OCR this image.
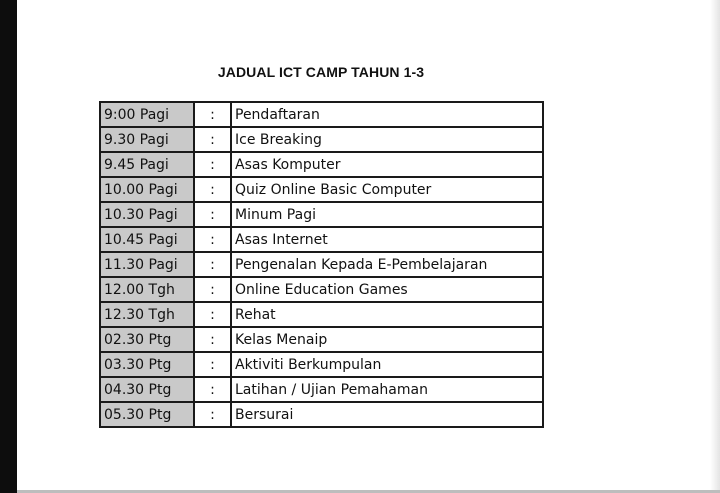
JADUAL ICT CAMP TAHUN 1-3
9:00 Pagi	:	Pendaftaran
9.30 Pagi	:	Ice Breaking
9.45 Pagi	:	Asas Komputer
10.00 Pagi	:	Quiz Online Basic Computer
10.30 Pagi	:	Minum Pagi
10.45 Pagi	:	Asas Internet
11.30 Pagi	:	Pengenalan Kepada E-Pembelajaran
12.00 Tgh	:	Online Education Games
12.30 Tgh	:	Rehat
02.30 Ptg	:	Kelas Menaip
03.30 Ptg	:	Aktiviti Berkumpulan
04.30 Ptg	:	Latihan / Ujian Pemahaman
05.30 Ptg	:	Bersurai
